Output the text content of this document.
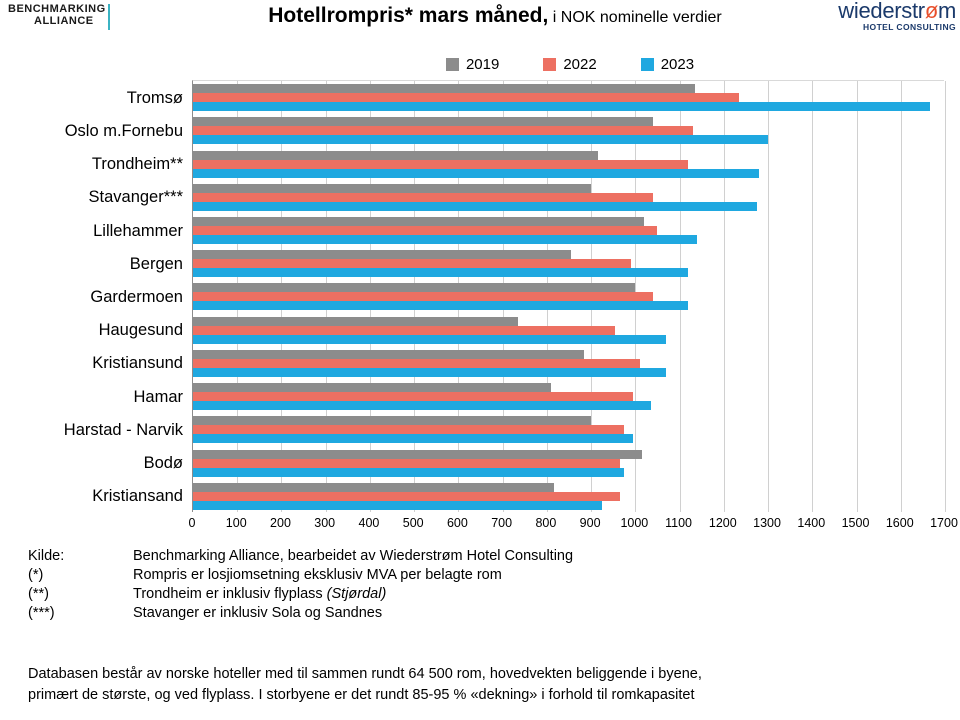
BENCHMARKING
ALLIANCE	Hotellrompris* mars måned, i NOK nominelle verdier	wiederstrøm
HOTEL CONSULTING
2019	2022	2023
Tromsø
Oslo m.Fornebu
Trondheim**
Stavanger***
Lillehammer
Bergen
Gardermoen
Haugesund
Kristiansund
Hamar
Harstad - Narvik
Bodø
Kristiansand
0 100 200 300 400 500 600 700 800 900 1000 1100 1200 1300 1400 1500 1600 1700
Kilde:	Benchmarking Alliance, bearbeidet av Wiederstrøm Hotel Consulting
(*)	Rompris er losjiomsetning eksklusiv MVA per belagte rom
(**)	Trondheim er inklusiv flyplass (Stjørdal)
(***)	Stavanger er inklusiv Sola og Sandnes
Databasen består av norske hoteller med til sammen rundt 64 500 rom, hovedvekten beliggende i byene,
primært de største, og ved flyplass. I storbyene er det rundt 85-95 % «dekning» i forhold til romkapasitet
